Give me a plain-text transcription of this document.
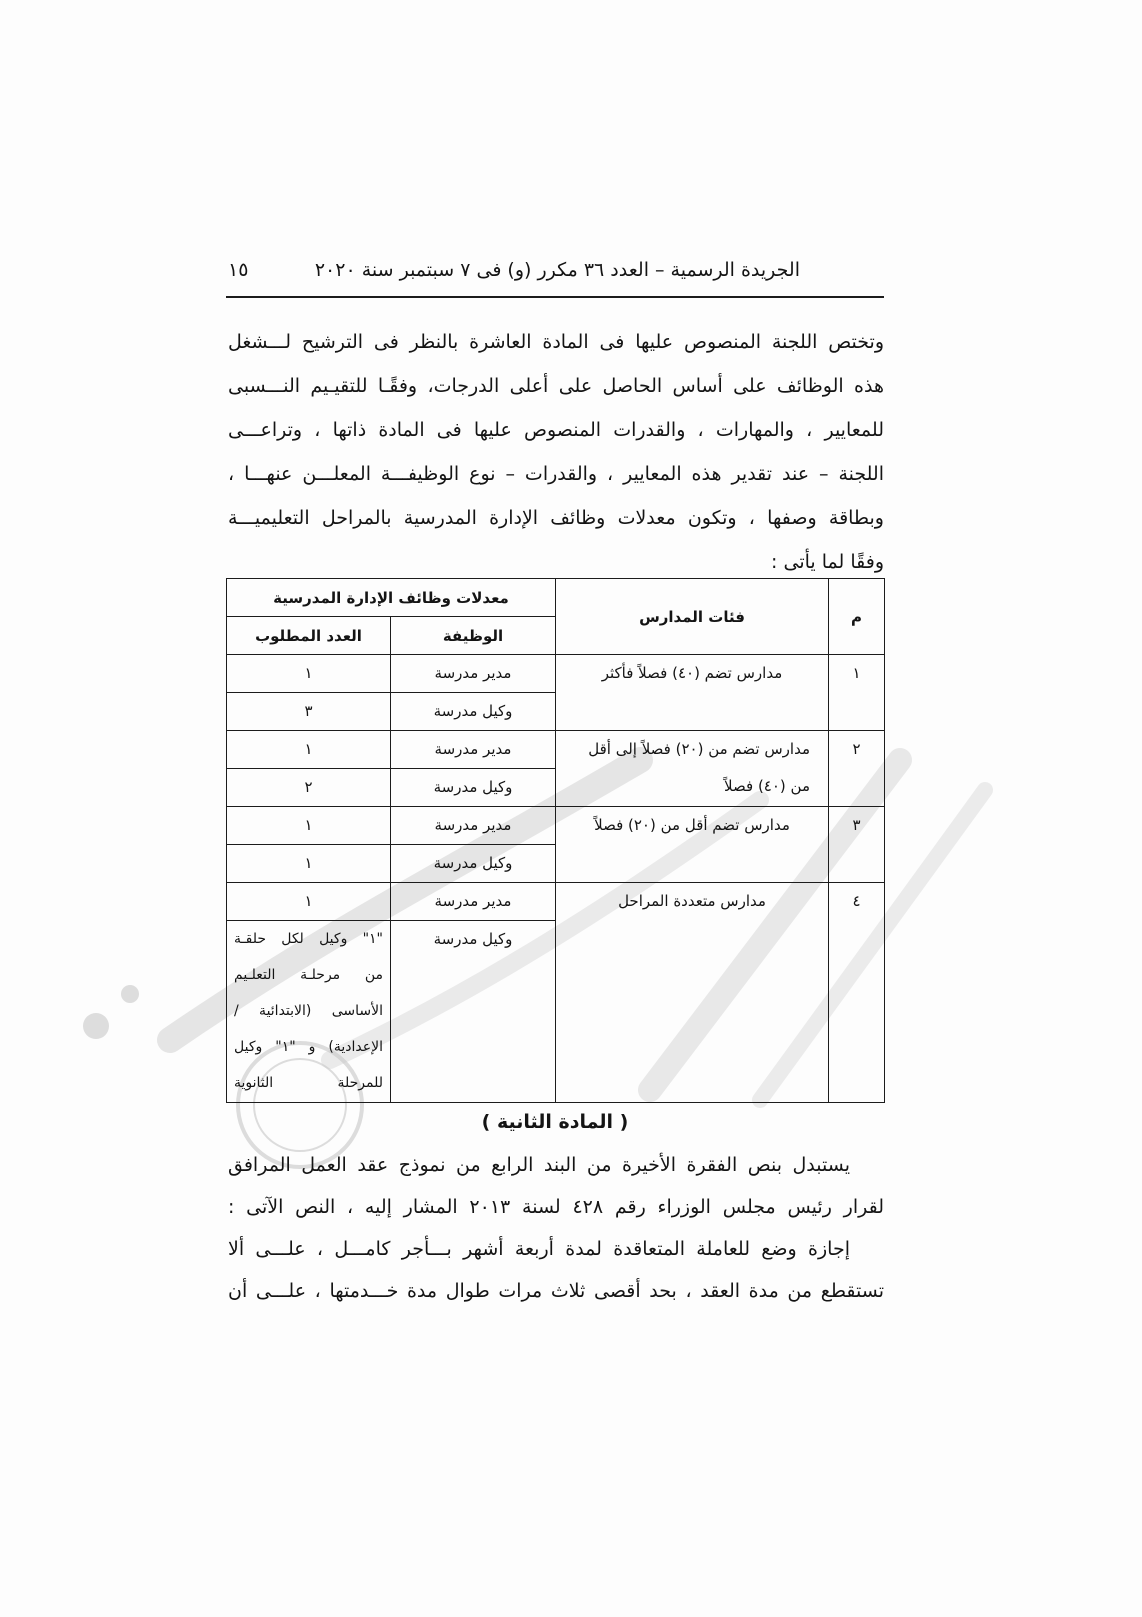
الجريدة الرسمية – العدد ٣٦ مكرر (و) فى ٧ سبتمبر سنة ٢٠٢٠
١٥
وتختص اللجنة المنصوص عليها فى المادة العاشرة بالنظر فى الترشيح لـــشغل
هذه الوظائف على أساس الحاصل على أعلى الدرجات، وفقًـا للتقيـيم النـــسبى
للمعايير ، والمهارات ، والقدرات المنصوص عليها فى المادة ذاتها ، وتراعـــى
اللجنة – عند تقدير هذه المعايير ، والقدرات – نوع الوظيفـــة المعلـــن عنهـــا ،
وبطاقة وصفها ، وتكون معدلات وظائف الإدارة المدرسية بالمراحل التعليميـــة
وفقًا لما يأتى :
م	فئات المدارس	معدلات وظائف الإدارة المدرسية	
		الوظيفة	العدد المطلوب
١	مدارس تضم (٤٠) فصلاً فأكثر	مدير مدرسة	١
		وكيل مدرسة	٣
٢	مدارس تضم من (٢٠) فصلاً إلى أقل
من (٤٠) فصلاً	مدير مدرسة	١
		وكيل مدرسة	٢
٣	مدارس تضم أقل من (٢٠) فصلاً	مدير مدرسة	١
		وكيل مدرسة	١
٤	مدارس متعددة المراحل	مدير مدرسة	١
		وكيل مدرسة	"١" وكيل لكل حلقـة
من مرحلـة التعلـيم
الأساسى (الابتدائية /
الإعدادية) و "١" وكيل
للمرحلة الثانوية
( المادة الثانية )
يستبدل بنص الفقرة الأخيرة من البند الرابع من نموذج عقد العمل المرافق
لقرار رئيس مجلس الوزراء رقم ٤٢٨ لسنة ٢٠١٣ المشار إليه ، النص الآتى :
إجازة وضع للعاملة المتعاقدة لمدة أربعة أشهر بـــأجر كامـــل ، علـــى ألا
تستقطع من مدة العقد ، بحد أقصى ثلاث مرات طوال مدة خـــدمتها ، علـــى أن
